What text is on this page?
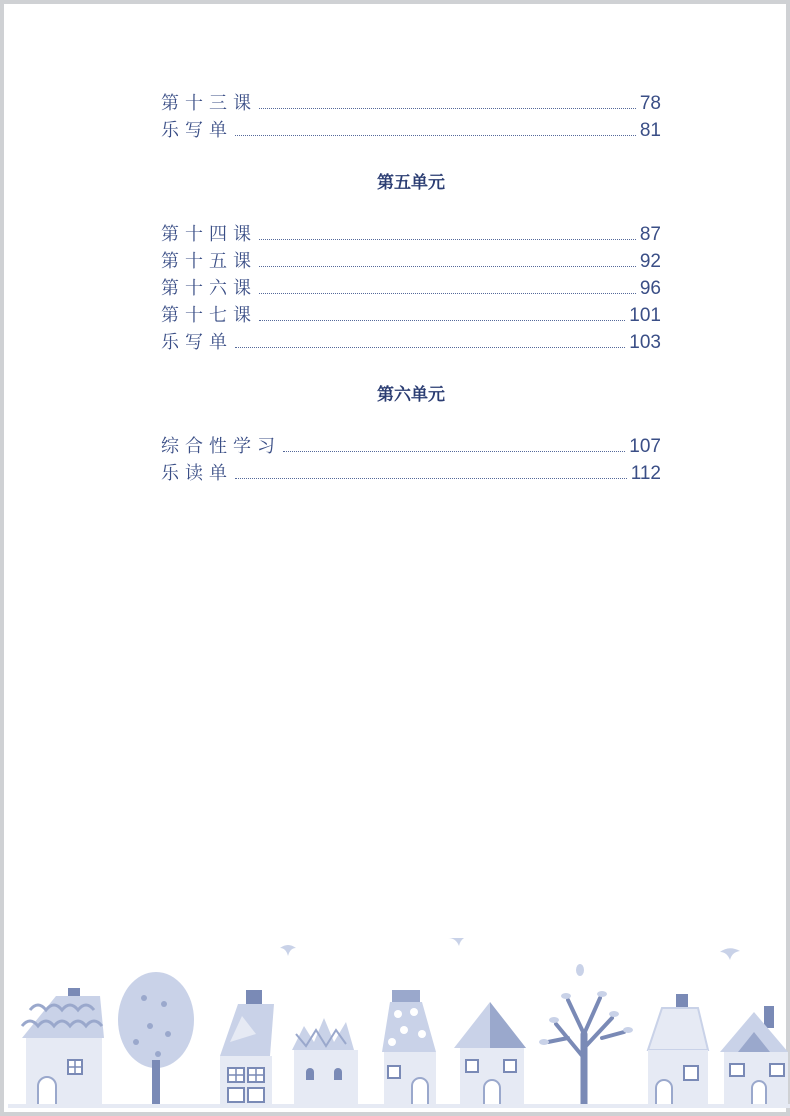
第十三课	78
乐写单	81
第五单元
第十四课	87
第十五课	92
第十六课	96
第十七课	101
乐写单	103
第六单元
综合性学习	107
乐读单	112
